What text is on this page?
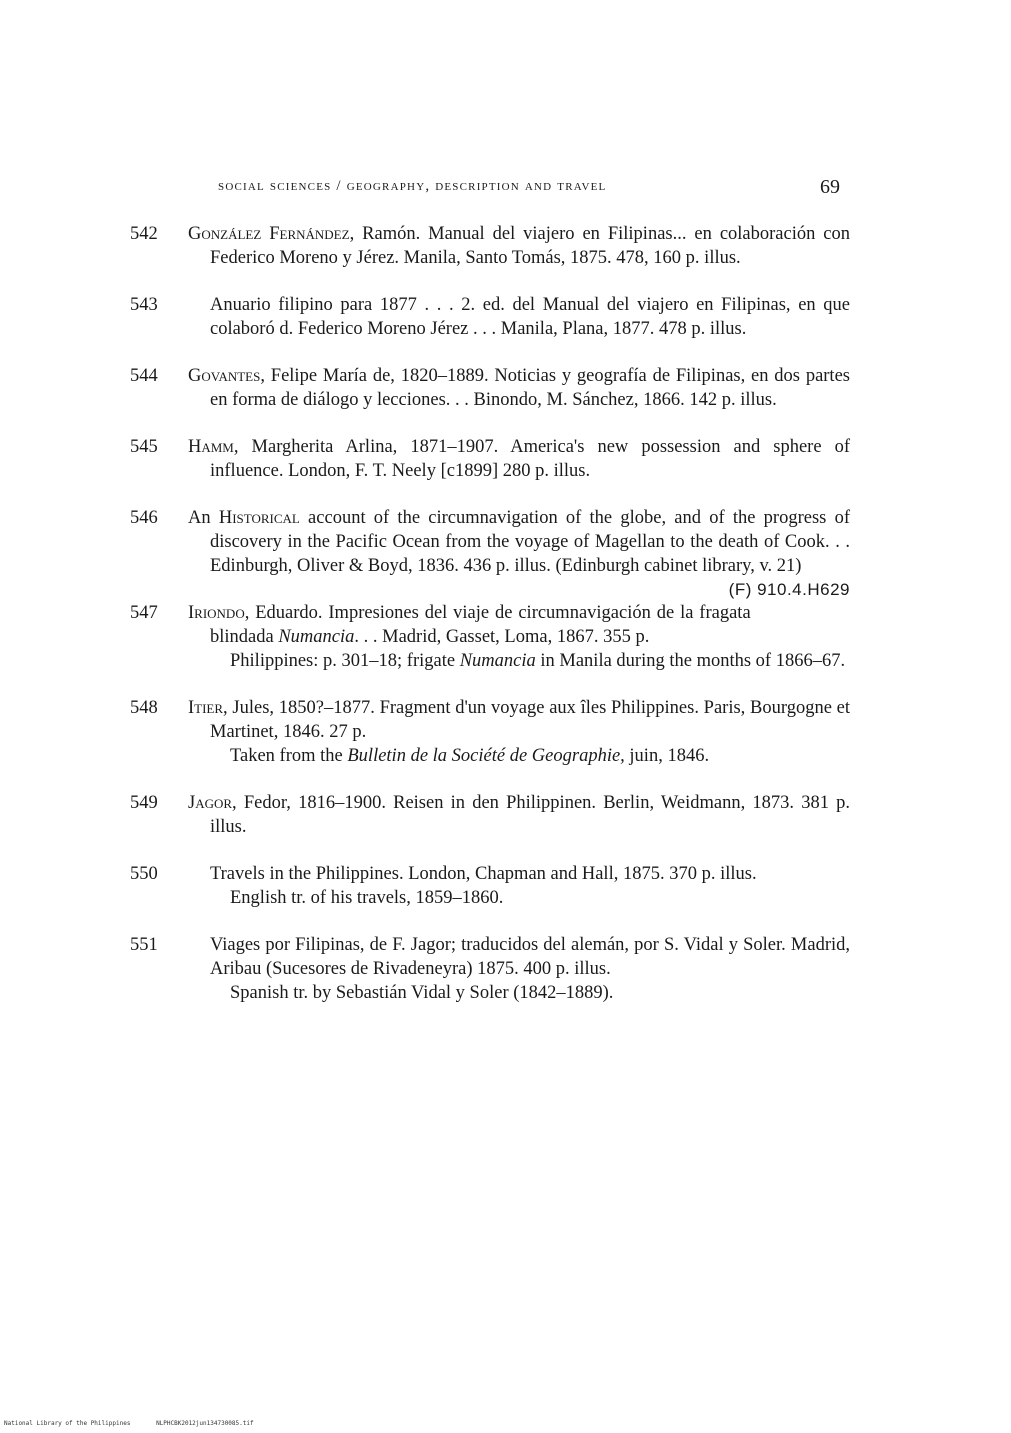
social sciences / geography, description and travel	69
542	González Fernández, Ramón. Manual del viajero en Filipinas... en colaboración con Federico Moreno y Jérez. Manila, Santo Tomás, 1875. 478, 160 p. illus.
543	Anuario filipino para 1877 . . . 2. ed. del Manual del viajero en Filipinas, en que colaboró d. Federico Moreno Jérez . . . Manila, Plana, 1877. 478 p. illus.
544	Govantes, Felipe María de, 1820–1889. Noticias y geografía de Filipinas, en dos partes en forma de diálogo y lecciones. . . Binondo, M. Sánchez, 1866. 142 p. illus.
545	Hamm, Margherita Arlina, 1871–1907. America's new possession and sphere of influence. London, F. T. Neely [c1899] 280 p. illus.
546	An Historical account of the circumnavigation of the globe, and of the progress of discovery in the Pacific Ocean from the voyage of Magellan to the death of Cook. . . Edinburgh, Oliver & Boyd, 1836. 436 p. illus. (Edinburgh cabinet library, v. 21)
(F) 910.4.H629
547	Iriondo, Eduardo. Impresiones del viaje de circumnavigación de la fragata blindada Numancia. . . Madrid, Gasset, Loma, 1867. 355 p.
Philippines: p. 301–18; frigate Numancia in Manila during the months of 1866–67.
548	Itier, Jules, 1850?–1877. Fragment d'un voyage aux îles Philippines. Paris, Bourgogne et Martinet, 1846. 27 p.
Taken from the Bulletin de la Société de Geographie, juin, 1846.
549	Jagor, Fedor, 1816–1900. Reisen in den Philippinen. Berlin, Weidmann, 1873. 381 p. illus.
550	Travels in the Philippines. London, Chapman and Hall, 1875. 370 p. illus.
English tr. of his travels, 1859–1860.
551	Viages por Filipinas, de F. Jagor; traducidos del alemán, por S. Vidal y Soler. Madrid, Aribau (Sucesores de Rivadeneyra) 1875. 400 p. illus.
Spanish tr. by Sebastián Vidal y Soler (1842–1889).
National Library of the Philippines	NLPHCBK2012jun134730085.tif
